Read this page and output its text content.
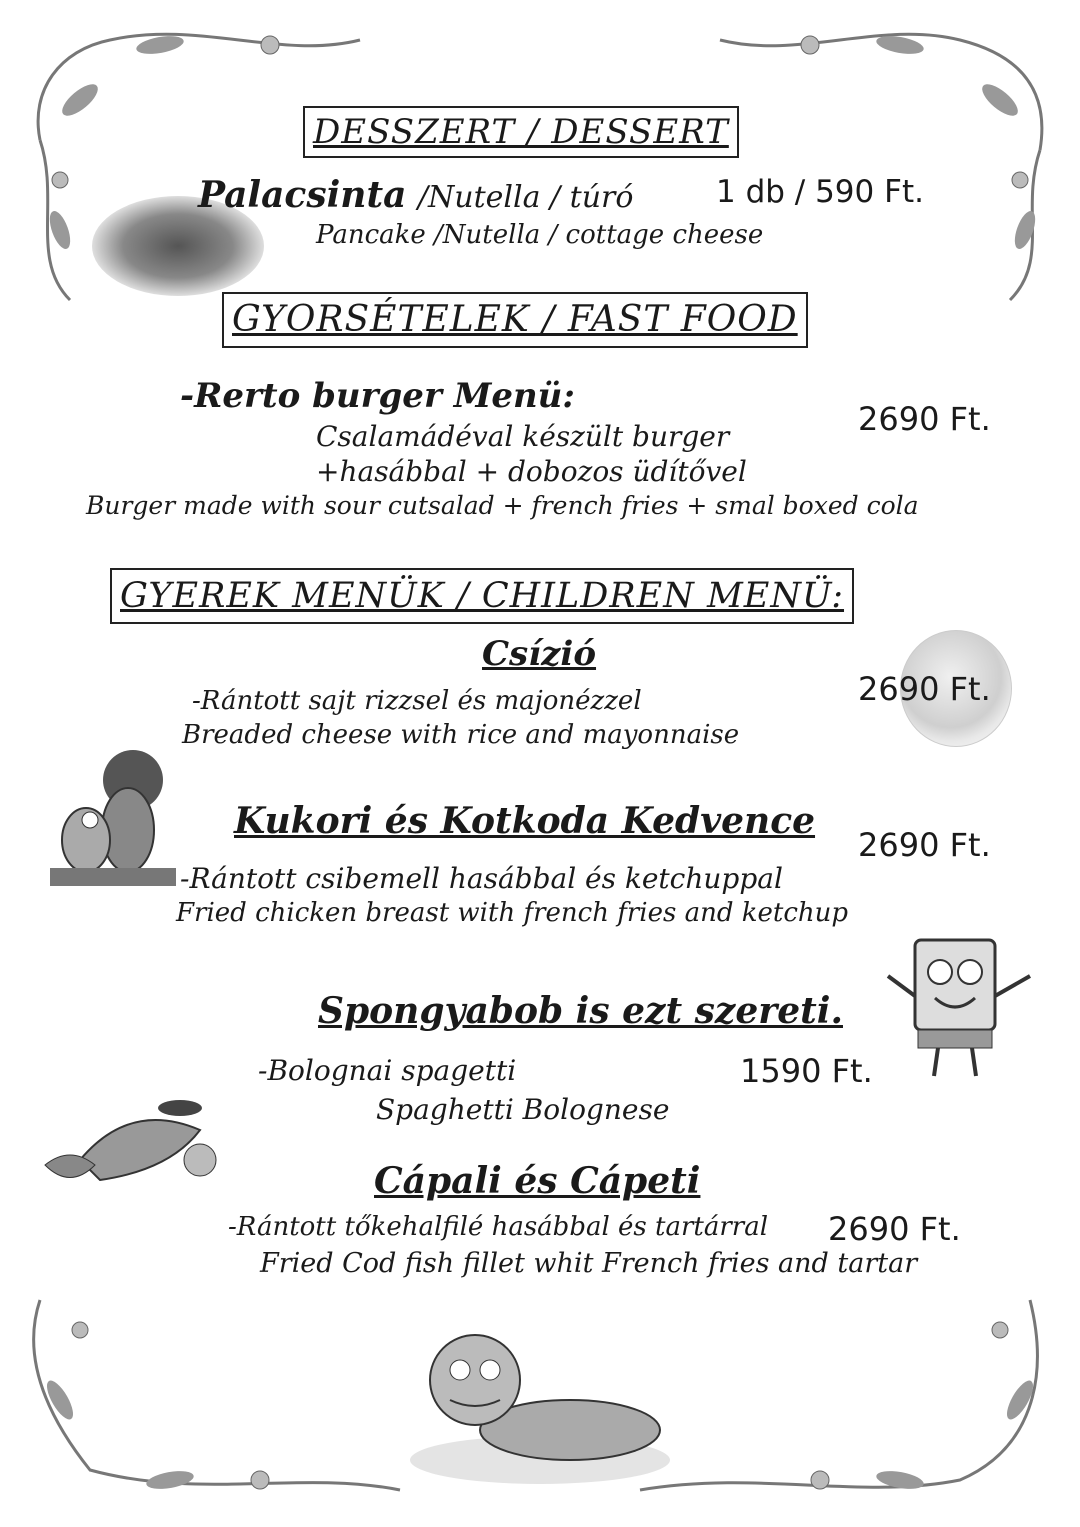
DESSZERT / DESSERT
Palacsinta /Nutella / túró	1 db / 590 Ft.
Pancake /Nutella / cottage cheese
GYORSÉTELEK / FAST FOOD
-Rerto burger Menü:
2690 Ft.
Csalamádéval készült burger
+hasábbal + dobozos üdítővel
Burger made with sour cutsalad + french fries + smal boxed cola
GYEREK MENÜK / CHILDREN MENÜ:
Csízió
2690 Ft.
-Rántott sajt rizzsel és majonézzel
Breaded cheese with rice and mayonnaise
Kukori és Kotkoda Kedvence
2690 Ft.
-Rántott csibemell hasábbal és ketchuppal
Fried chicken breast with french fries and ketchup
Spongyabob is ezt szereti.
1590 Ft.
-Bolognai spagetti
Spaghetti Bolognese
Cápali és Cápeti
-Rántott tőkehalfilé hasábbal és tartárral 2690 Ft.
Fried Cod fish fillet whit French fries and tartar
